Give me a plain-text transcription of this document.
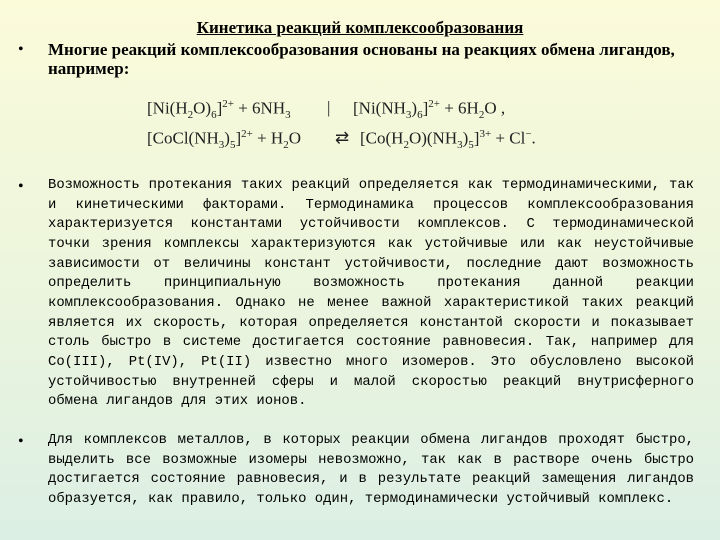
Кинетика реакций комплексообразования
•	Многие реакций комплексообразования основаны на реакциях обмена лигандов, например:
$[Ni(H_2O)_6]^{2+} + 6NH_3$ | $[Ni(NH_3)_6]^{2+} + 6H_2O$ ,
$[CoCl(NH_3)_5]^{2+} + H_2O$ ⇄ $[Co(H_2O)(NH_3)_5]^{3+} + Cl^-$.
•	Возможность протекания таких реакций определяется как термодинамическими, так и кинетическими факторами. Термодинамика процессов комплексообразования характеризуется константами устойчивости комплексов. С термодинамической точки зрения комплексы характеризуются как устойчивые или как неустойчивые зависимости от величины констант устойчивости, последние дают возможность определить принципиальную возможность протекания данной реакции комплексообразования. Однако не менее важной характеристикой таких реакций является их скорость, которая определяется константой скорости и показывает столь быстро в системе достигается состояние равновесия. Так, например для Co(III), Pt(IV), Pt(II) известно много изомеров. Это обусловлено высокой устойчивостью внутренней сферы и малой скоростью реакций внутрисферного обмена лигандов для этих ионов.
•	Для комплексов металлов, в которых реакции обмена лигандов проходят быстро, выделить все возможные изомеры невозможно, так как в растворе очень быстро достигается состояние равновесия, и в результате реакций замещения лигандов образуется, как правило, только один, термодинамически устойчивый комплекс.
